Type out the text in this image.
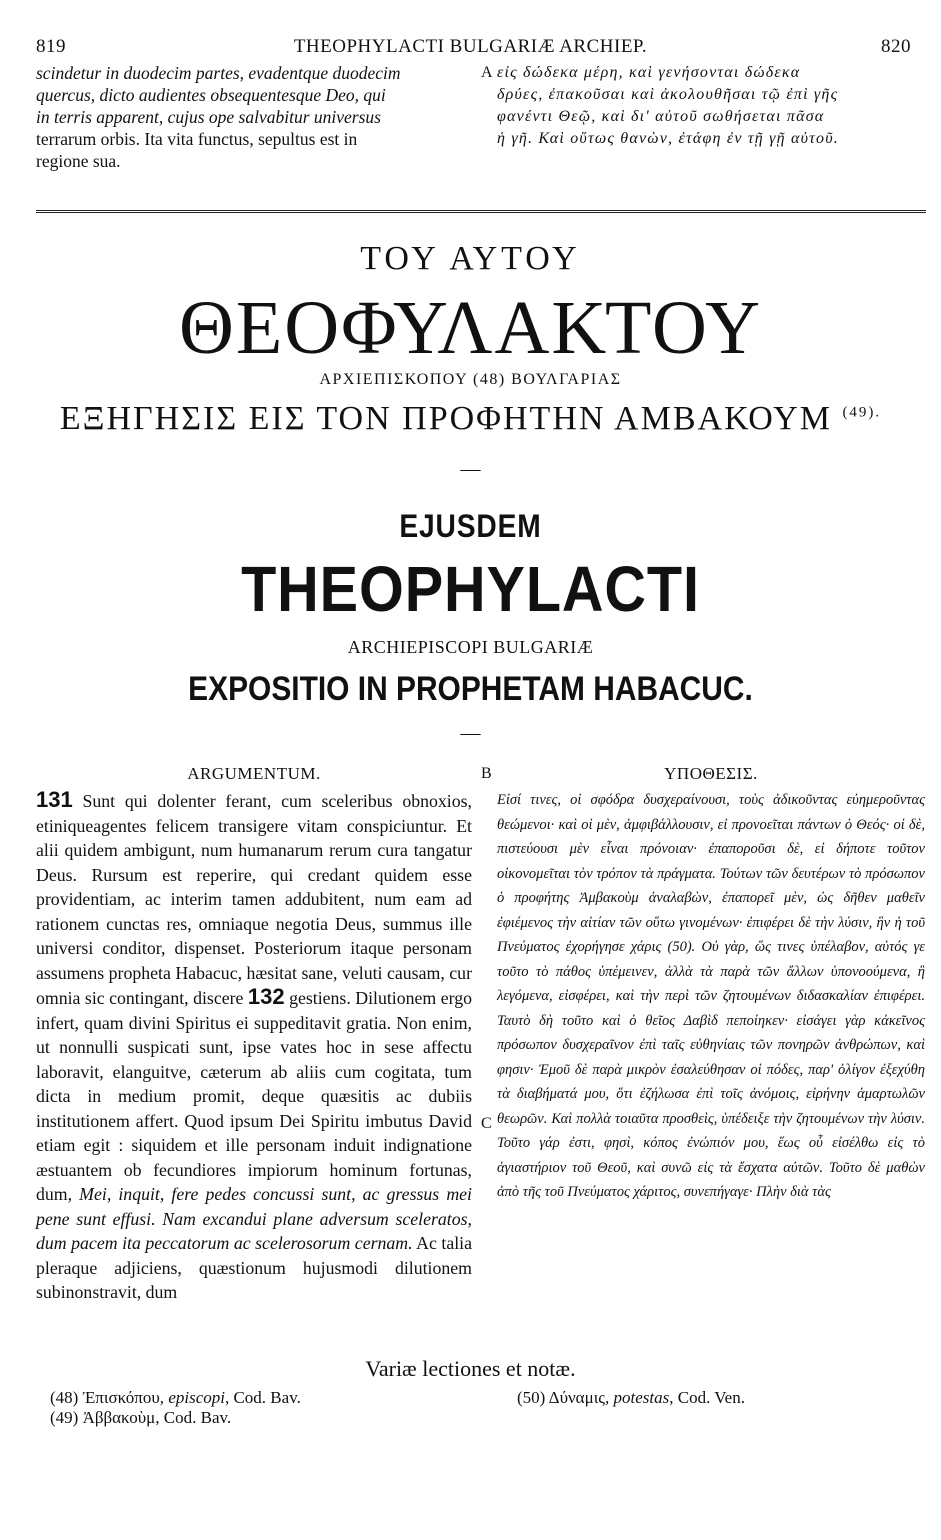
819	THEOPHYLACTI BULGARIÆ ARCHIEP.	820
scindetur in duodecim partes, evadentque duodecim
quercus, dicto audientes obsequentesque Deo, qui
in terris apparent, cujus ope salvabitur universus
terrarum orbis. Ita vita functus, sepultus est in
regione sua.
A εἰς δώδεκα μέρη, καὶ γενήσονται δώδεκα
δρύες, ἐπακοῦσαι καὶ ἀκολουθῆσαι τῷ ἐπὶ γῆς
φανέντι Θεῷ, καὶ δι' αὐτοῦ σωθήσεται πᾶσα
ἡ γῆ. Καὶ οὕτως θανὼν, ἐτάφη ἐν τῇ γῇ αὐτοῦ.
ΤΟΥ ΑΥΤΟΥ
ΘΕΟΦΥΛΑΚΤΟΥ
ΑΡΧΙΕΠΙΣΚΟΠΟΥ (48) ΒΟΥΛΓΑΡΙΑΣ
ΕΞΗΓΗΣΙΣ ΕΙΣ ΤΟΝ ΠΡΟΦΗΤΗΝ ΑΜΒΑΚΟΥΜ $^{(49).}$
—
EJUSDEM
THEOPHYLACTI
ARCHIEPISCOPI BULGARIÆ
EXPOSITIO IN PROPHETAM HABACUC.
—
ARGUMENTUM.	B	ΥΠΟΘΕΣΙΣ.
131 Sunt qui dolenter ferant, cum sceleribus obnoxios, etiniqueagentes felicem transigere vitam conspiciuntur. Et alii quidem ambigunt, num humanarum rerum cura tangatur Deus. Rursum est reperire, qui credant quidem esse providentiam, ac interim tamen addubitent, num eam ad rationem cunctas res, omniaque negotia Deus, summus ille universi conditor, dispenset. Posteriorum itaque personam assumens propheta Habacuc, hæsitat sane, veluti causam, cur omnia sic contingant, discere 132 gestiens. Dilutionem ergo infert, quam divini Spiritus ei suppeditavit gratia. Non enim, ut nonnulli suspicati sunt, ipse vates hoc in sese affectu laboravit, elanguitve, cæterum ab aliis cum cogitata, tum dicta in medium promit, deque quæsitis ac dubiis institutionem affert. Quod ipsum Dei Spiritu imbutus David etiam egit : siquidem et ille personam induit indignatione æstuantem ob fecundiores impiorum hominum fortunas, dum, Mei, inquit, fere pedes concussi sunt, ac gressus mei pene sunt effusi. Nam excandui plane adversum sceleratos, dum pacem ita peccatorum ac scelerosorum cernam. Ac talia pleraque adjiciens, quæstionum hujusmodi dilutionem subinonstravit, dum
C
Εἰσί τινες, οἱ σφόδρα δυσχεραίνουσι, τοὺς ἀδικοῦντας εὐημεροῦντας θεώμενοι· καὶ οἱ μὲν, ἀμφιβάλλουσιν, εἰ προνοεῖται πάντων ὁ Θεός· οἱ δὲ, πιστεύουσι μὲν εἶναι πρόνοιαν· ἐπαπορoῦσι δὲ, εἰ δήποτε τοῦτον οἰκονομεῖται τὸν τρόπον τὰ πράγματα. Τούτων τῶν δευτέρων τὸ πρόσωπον ὁ προφήτης Ἀμβακοὺμ ἀναλαβὼν, ἐπαπορεῖ μὲν, ὡς δῆθεν μαθεῖν ἐφιέμενος τὴν αἰτίαν τῶν οὕτω γινομένων· ἐπιφέρει δὲ τὴν λύσιν, ἣν ἡ τοῦ Πνεύματος ἐχορήγησε χάρις (50). Οὐ γὰρ, ὥς τινες ὑπέλαβον, αὐτός γε τοῦτο τὸ πάθος ὑπέμεινεν, ἀλλὰ τὰ παρὰ τῶν ἄλλων ὑπονοούμενα, ἢ λεγόμενα, εἰσφέρει, καὶ τὴν περὶ τῶν ζητουμένων διδασκαλίαν ἐπιφέρει. Ταυτὸ δὴ τοῦτο καὶ ὁ θεῖος Δαβὶδ πεποίηκεν· εἰσάγει γὰρ κἀκεῖνος πρόσωπον δυσχεραῖνον ἐπὶ ταῖς εὐθηνίαις τῶν πονηρῶν ἀνθρώπων, καὶ φησιν· Ἐμοῦ δὲ παρὰ μικρὸν ἐσαλεύθησαν οἱ πόδες, παρ' ὀλίγον ἐξεχύθη τὰ διαβήματά μου, ὅτι ἐζήλωσα ἐπὶ τοῖς ἀνόμοις, εἰρήνην ἁμαρτωλῶν θεωρῶν. Καὶ πολλὰ τοιαῦτα προσθεὶς, ὑπέδειξε τὴν ζητουμένων τὴν λύσιν. Τοῦτο γάρ ἐστι, φησὶ, κόπος ἐνώπιόν μου, ἕως οὗ εἰσέλθω εἰς τὸ ἁγιαστήριον τοῦ Θεοῦ, καὶ συνῶ εἰς τὰ ἔσχατα αὐτῶν. Τοῦτο δὲ μαθὼν ἀπὸ τῆς τοῦ Πνεύματος χάριτος, συνεπήγαγε· Πλὴν διὰ τὰς
Variæ lectiones et notæ.
(48) Ἐπισκόπου, episcopi, Cod. Bav.
(49) Ἀββακοὺμ, Cod. Bav.
(50) Δύναμις, potestas, Cod. Ven.
